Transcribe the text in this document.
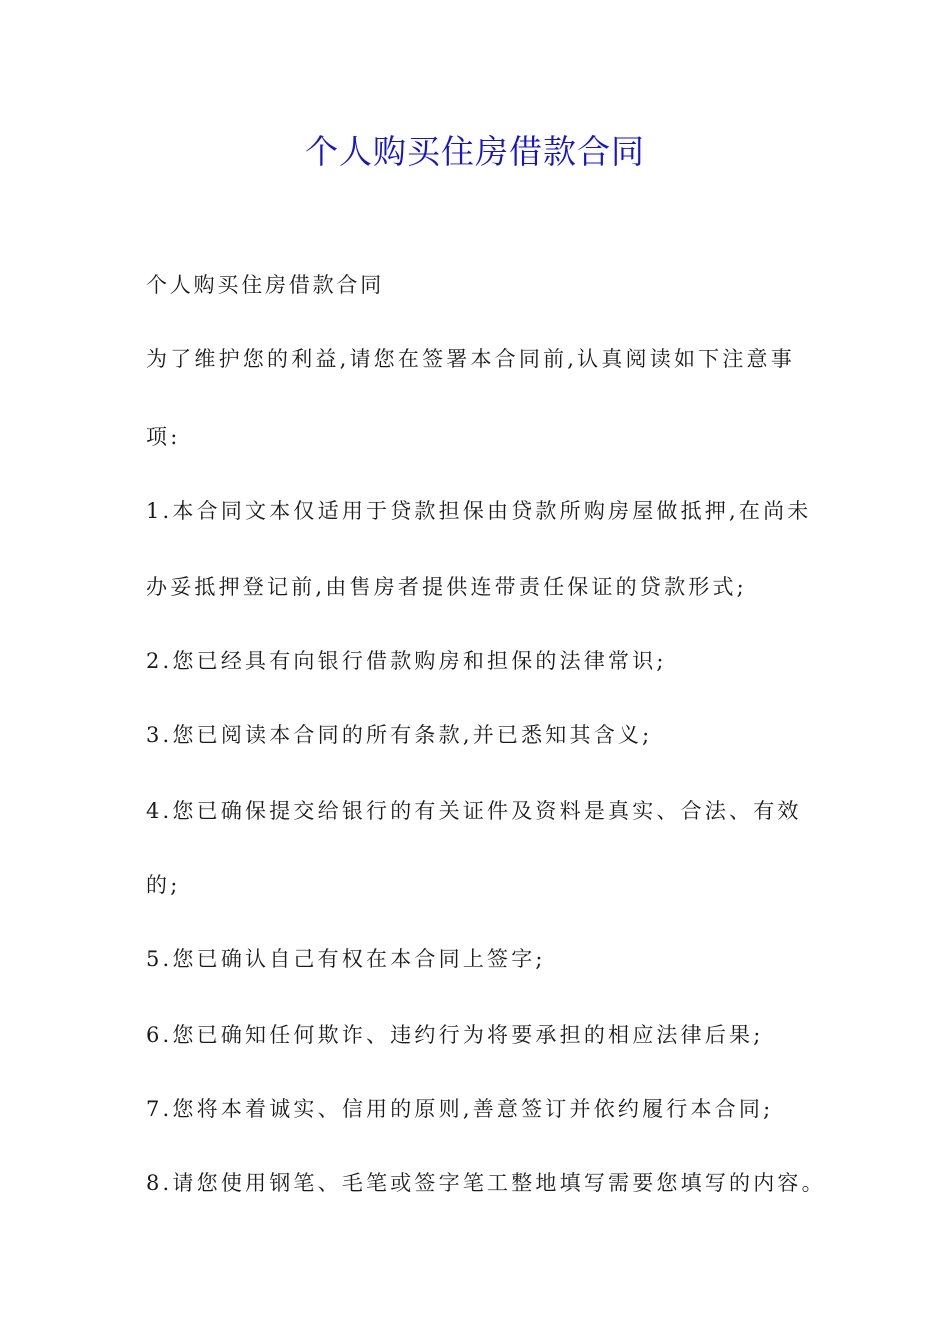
个人购买住房借款合同
个人购买住房借款合同
为了维护您的利益,请您在签署本合同前,认真阅读如下注意事
项:
1.本合同文本仅适用于贷款担保由贷款所购房屋做抵押,在尚未
办妥抵押登记前,由售房者提供连带责任保证的贷款形式;
2.您已经具有向银行借款购房和担保的法律常识;
3.您已阅读本合同的所有条款,并已悉知其含义;
4.您已确保提交给银行的有关证件及资料是真实、合法、有效
的;
5.您已确认自己有权在本合同上签字;
6.您已确知任何欺诈、违约行为将要承担的相应法律后果;
7.您将本着诚实、信用的原则,善意签订并依约履行本合同;
8.请您使用钢笔、毛笔或签字笔工整地填写需要您填写的内容。
